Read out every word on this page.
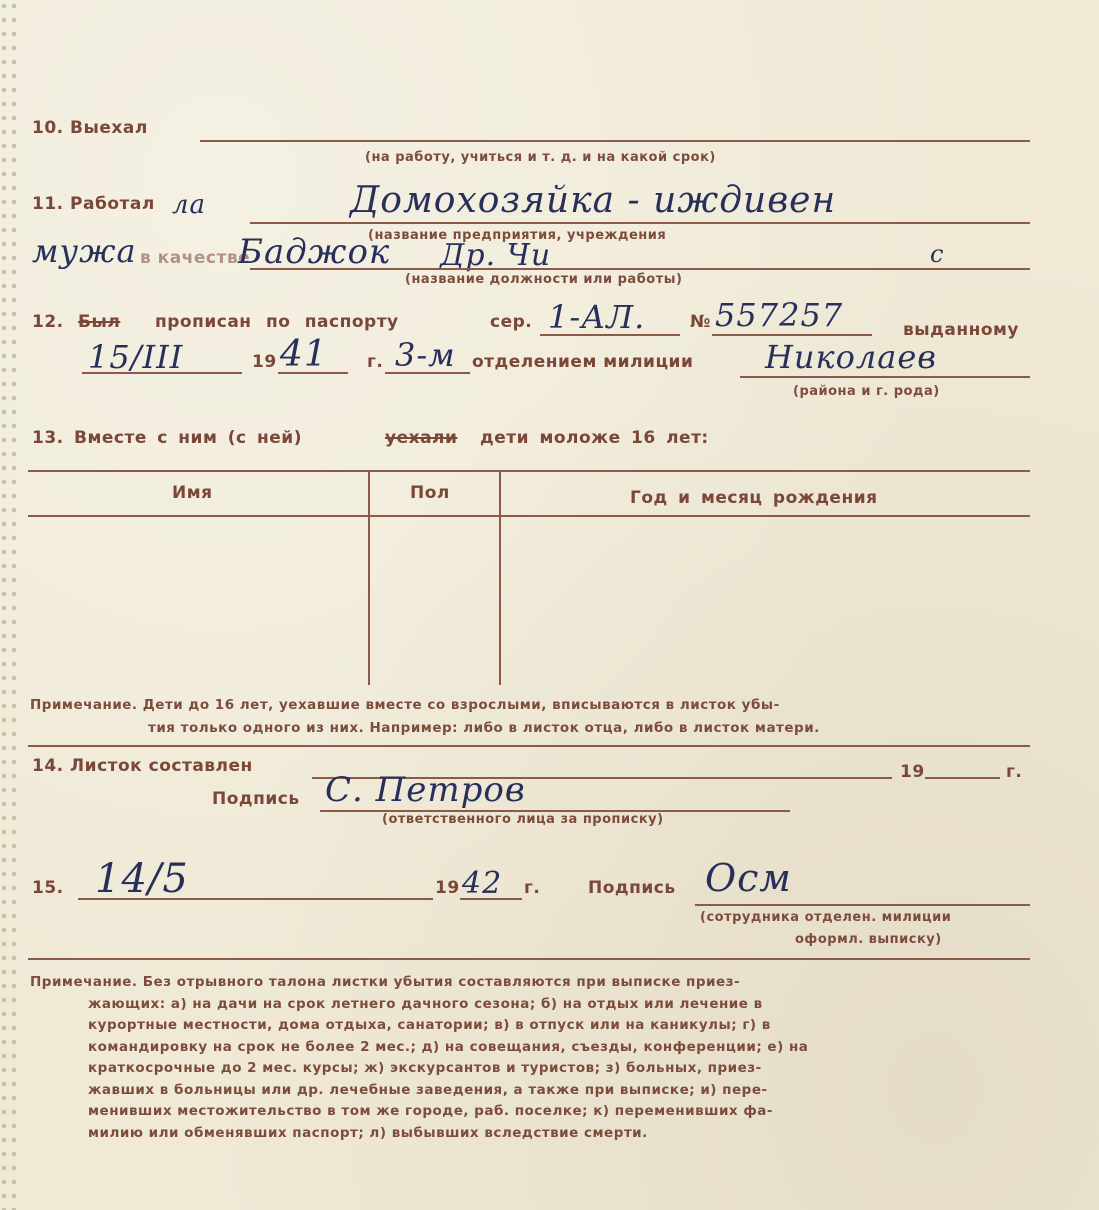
10. Выехал
(на работу, учиться и т. д. и на какой срок)
11. Работал ла	Домохозяйка - иждивен
(название предприятия, учреждения
мужа в качестве
Баджок Др. Чи	с
(название должности или работы)
12. Был прописан по паспорту	сер. 1-АЛ.	№ 557257	выданному
15/III	19 41 г. 3-м отделением милиции Николаев
(района и г. рода)
13. Вместе с ним (с ней)	уехали дети моложе 16 лет:
Имя	Пол	Год и месяц рождения
Примечание. Дети до 16 лет, уехавшие вместе со взрослыми, вписываются в листок убы-
тия только одного из них. Например: либо в листок отца, либо в листок матери.
14. Листок составлен	19	г.
Подпись С. Петров
(ответственного лица за прописку)
15. 14/5	19 42 г.	Подпись Осм
(сотрудника отделен. милиции
оформл. выписку)
Примечание. Без отрывного талона листки убытия составляются при выписке приез-
жающих: а) на дачи на срок летнего дачного сезона; б) на отдых или лечение в
курортные местности, дома отдыха, санатории; в) в отпуск или на каникулы; г) в
командировку на срок не более 2 мес.; д) на совещания, съезды, конференции; е) на
краткосрочные до 2 мес. курсы; ж) экскурсантов и туристов; з) больных, приез-
жавших в больницы или др. лечебные заведения, а также при выписке; и) пере-
менивших местожительство в том же городе, раб. поселке; к) переменивших фа-
милию или обменявших паспорт; л) выбывших вследствие смерти.
